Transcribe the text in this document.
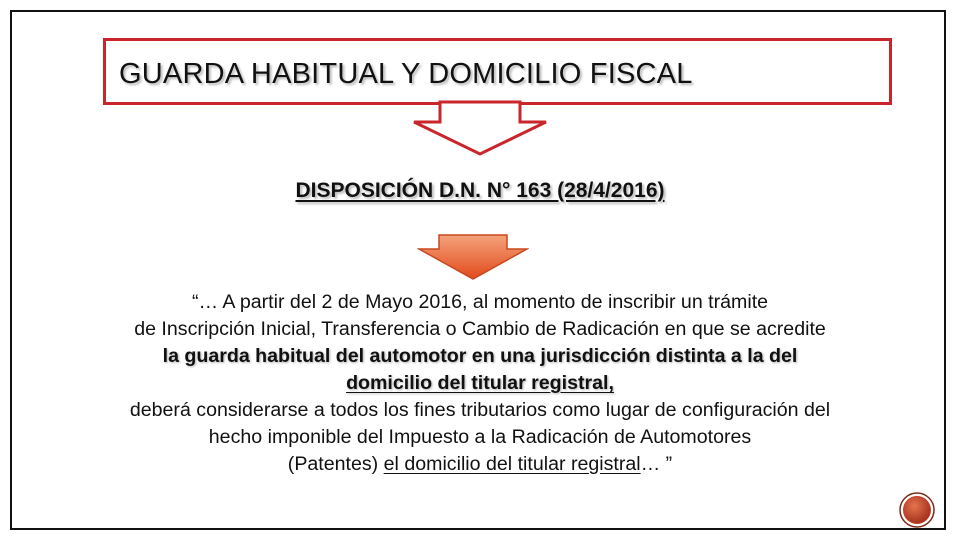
GUARDA HABITUAL Y DOMICILIO FISCAL
DISPOSICIÓN D.N. N° 163 (28/4/2016)
“… A partir del 2 de Mayo 2016, al momento de inscribir un trámite
de Inscripción Inicial, Transferencia o Cambio de Radicación en que se acredite
la guarda habitual del automotor en una jurisdicción distinta a la del
domicilio del titular registral,
deberá considerarse a todos los fines tributarios como lugar de configuración del
hecho imponible del Impuesto a la Radicación de Automotores
(Patentes) el domicilio del titular registral… ”
